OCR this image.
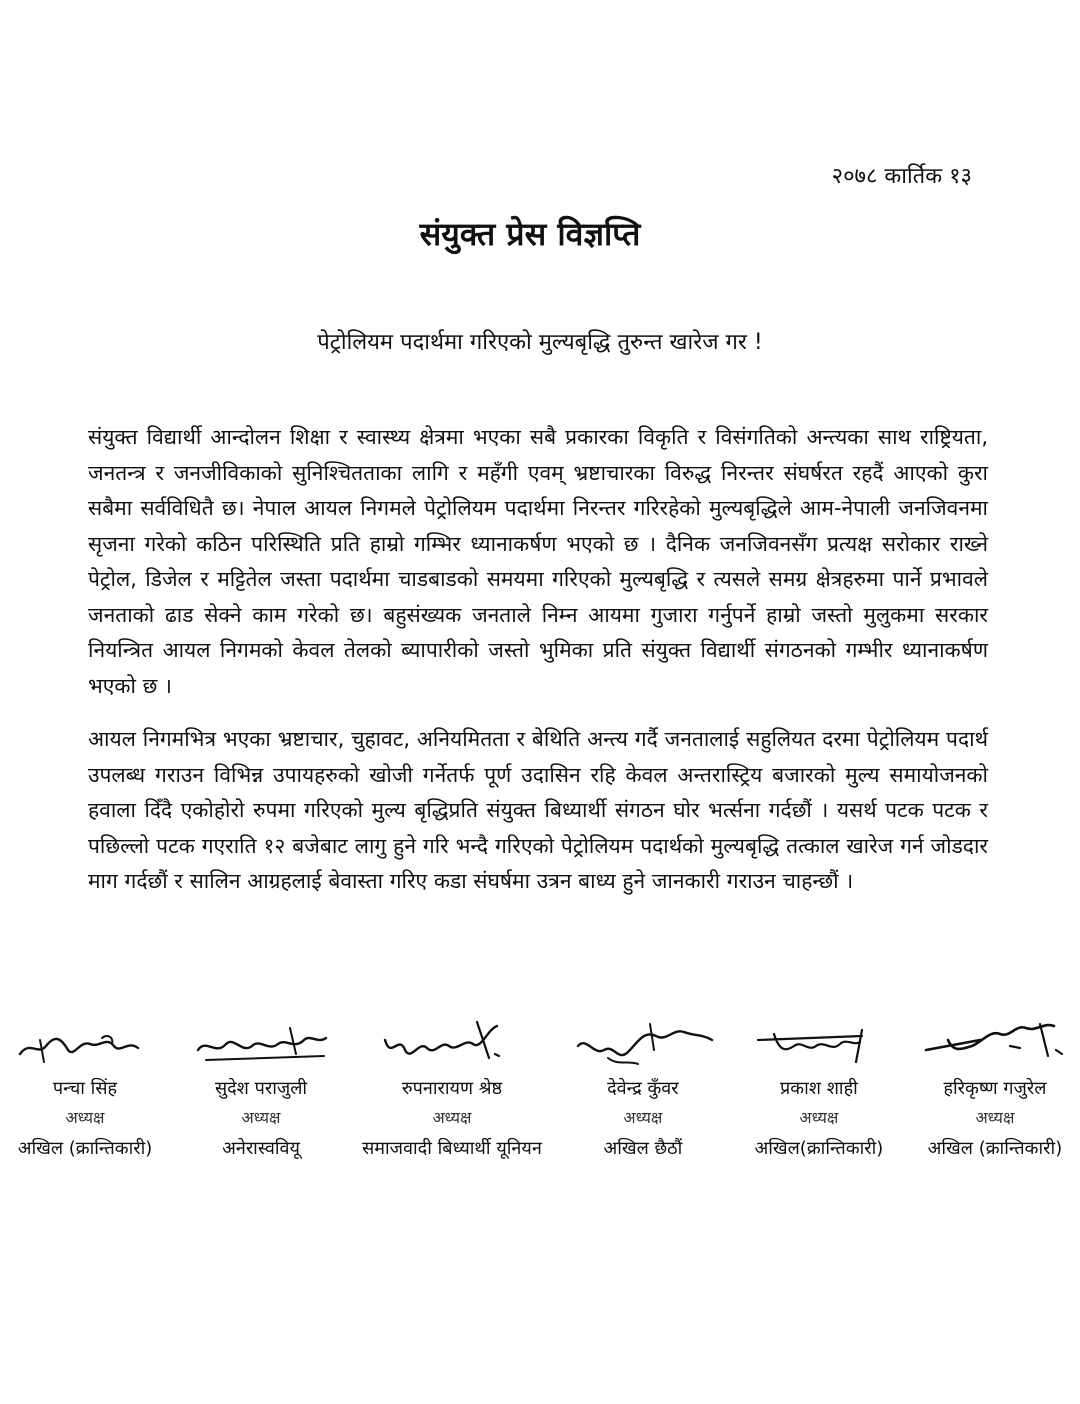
२०७८ कार्तिक १३
संयुक्त प्रेस विज्ञप्ति
पेट्रोलियम पदार्थमा गरिएको मुल्यबृद्धि तुरुन्त खारेज गर !

संयुक्त विद्यार्थी आन्दोलन शिक्षा र स्वास्थ्य क्षेत्रमा भएका सबै प्रकारका विकृति र विसंगतिको अन्त्यका साथ राष्ट्रियता, जनतन्त्र र जनजीविकाको सुनिश्चितताका लागि र महँगी एवम् भ्रष्टाचारका विरुद्ध निरन्तर संघर्षरत रहदैं आएको कुरा सबैमा सर्वविधितै छ। नेपाल आयल निगमले पेट्रोलियम पदार्थमा निरन्तर गरिरहेको मुल्यबृद्धिले आम-नेपाली जनजिवनमा सृजना गरेको कठिन परिस्थिति प्रति हाम्रो गम्भिर ध्यानाकर्षण भएको छ । दैनिक जनजिवनसँग प्रत्यक्ष सरोकार राख्ने पेट्रोल, डिजेल र मट्टितेल जस्ता पदार्थमा चाडबाडको समयमा गरिएको मुल्यबृद्धि र त्यसले समग्र क्षेत्रहरुमा पार्ने प्रभावले जनताको ढाड सेक्ने काम गरेको छ। बहुसंख्यक जनताले निम्न आयमा गुजारा गर्नुपर्ने हाम्रो जस्तो मुलुकमा सरकार नियन्त्रित आयल निगमको केवल तेलको ब्यापारीको जस्तो भुमिका प्रति संयुक्त विद्यार्थी संगठनको गम्भीर ध्यानाकर्षण भएको छ ।

आयल निगमभित्र भएका भ्रष्टाचार, चुहावट, अनियमितता र बेथिति अन्त्य गर्दै जनतालाई सहुलियत दरमा पेट्रोलियम पदार्थ उपलब्ध गराउन विभिन्न उपायहरुको खोजी गर्नेतर्फ पूर्ण उदासिन रहि केवल अन्तरास्ट्रिय बजारको मुल्य समायोजनको हवाला दिँदै एकोहोरो रुपमा गरिएको मुल्य बृद्धिप्रति संयुक्त बिध्यार्थी संगठन घोर भर्त्सना गर्दछौं । यसर्थ पटक पटक र पछिल्लो पटक गएराति १२ बजेबाट लागु हुने गरि भन्दै गरिएको पेट्रोलियम पदार्थको मुल्यबृद्धि तत्काल खारेज गर्न जोडदार माग गर्दछौं र सालिन आग्रहलाई बेवास्ता गरिए कडा संघर्षमा उत्रन बाध्य हुने जानकारी गराउन चाहन्छौं ।

पन्चा सिंह
अध्यक्ष
अखिल (क्रान्तिकारी)
सुदेश पराजुली
अध्यक्ष
अनेरास्ववियू
रुपनारायण श्रेष्ठ
अध्यक्ष
समाजवादी बिध्यार्थी यूनियन
देवेन्द्र कुँवर
अध्यक्ष
अखिल छैठौं
प्रकाश शाही
अध्यक्ष
अखिल(क्रान्तिकारी)
हरिकृष्ण गजुरेल
अध्यक्ष
अखिल (क्रान्तिकारी)
